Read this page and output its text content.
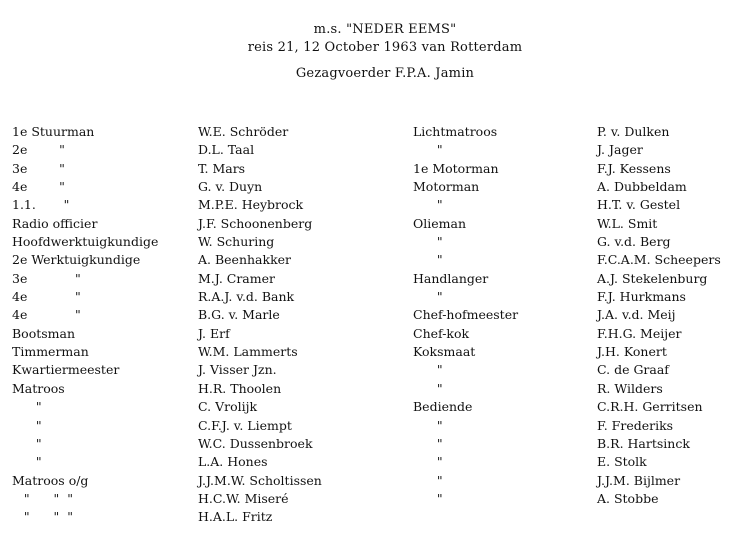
m.s. "NEDER EEMS"
reis 21, 12 October 1963 van Rotterdam
Gezagvoerder F.P.A. Jamin
1e Stuurman
2e        "
3e        "
4e        "
1.1.       "
Radio officier
Hoofdwerktuigkundige
2e Werktuigkundige
3e            "
4e            "
4e            "
Bootsman
Timmerman
Kwartiermeester
Matroos
"
"
"
"
Matroos o/g
"      "  "
"      "  "
W.E. Schröder
D.L. Taal
T. Mars
G. v. Duyn
M.P.E. Heybrock
J.F. Schoonenberg
W. Schuring
A. Beenhakker
M.J. Cramer
R.A.J. v.d. Bank
B.G. v. Marle
J. Erf
W.M. Lammerts
J. Visser Jzn.
H.R. Thoolen
C. Vrolijk
C.F.J. v. Liempt
W.C. Dussenbroek
L.A. Hones
J.J.M.W. Scholtissen
H.C.W. Miseré
H.A.L. Fritz
Lichtmatroos
"
1e Motorman
Motorman
"
Olieman
"
"
Handlanger
"
Chef-hofmeester
Chef-kok
Koksmaat
"
"
Bediende
"
"
"
"
"
P. v. Dulken
J. Jager
F.J. Kessens
A. Dubbeldam
H.T. v. Gestel
W.L. Smit
G. v.d. Berg
F.C.A.M. Scheepers
A.J. Stekelenburg
F.J. Hurkmans
J.A. v.d. Meij
F.H.G. Meijer
J.H. Konert
C. de Graaf
R. Wilders
C.R.H. Gerritsen
F. Frederiks
B.R. Hartsinck
E. Stolk
J.J.M. Bijlmer
A. Stobbe
